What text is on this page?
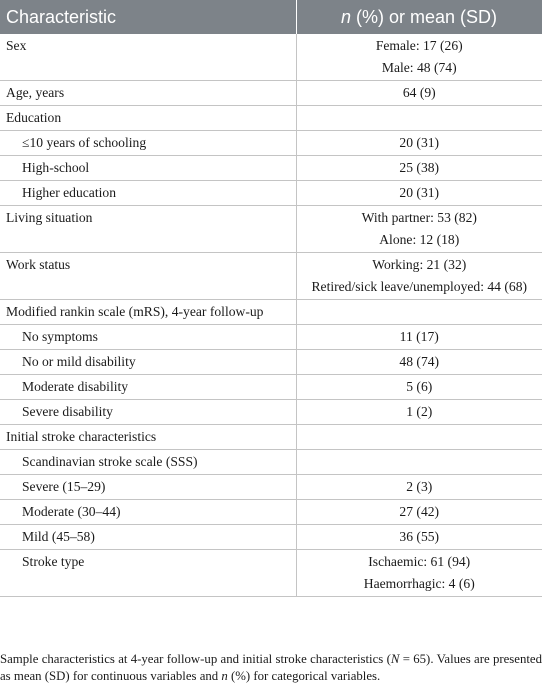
Characteristic	n (%) or mean (SD)
Sex	Female: 17 (26)
Male: 48 (74)

Age, years	64 (9)
Education	
≤10 years of schooling	20 (31)
High-school	25 (38)
Higher education	20 (31)
Living situation	With partner: 53 (82)
Alone: 12 (18)

Work status	Working: 21 (32)
Retired/sick leave/unemployed: 44 (68)

Modified rankin scale (mRS), 4-year follow-up	
No symptoms	11 (17)
No or mild disability	48 (74)
Moderate disability	5 (6)
Severe disability	1 (2)
Initial stroke characteristics	
Scandinavian stroke scale (SSS)	
Severe (15–29)	2 (3)
Moderate (30–44)	27 (42)
Mild (45–58)	36 (55)
Stroke type	Ischaemic: 61 (94)
Haemorrhagic: 4 (6)
Sample characteristics at 4-year follow-up and initial stroke characteristics (N = 65). Values are presented as mean (SD) for continuous variables and n (%) for categorical variables.
